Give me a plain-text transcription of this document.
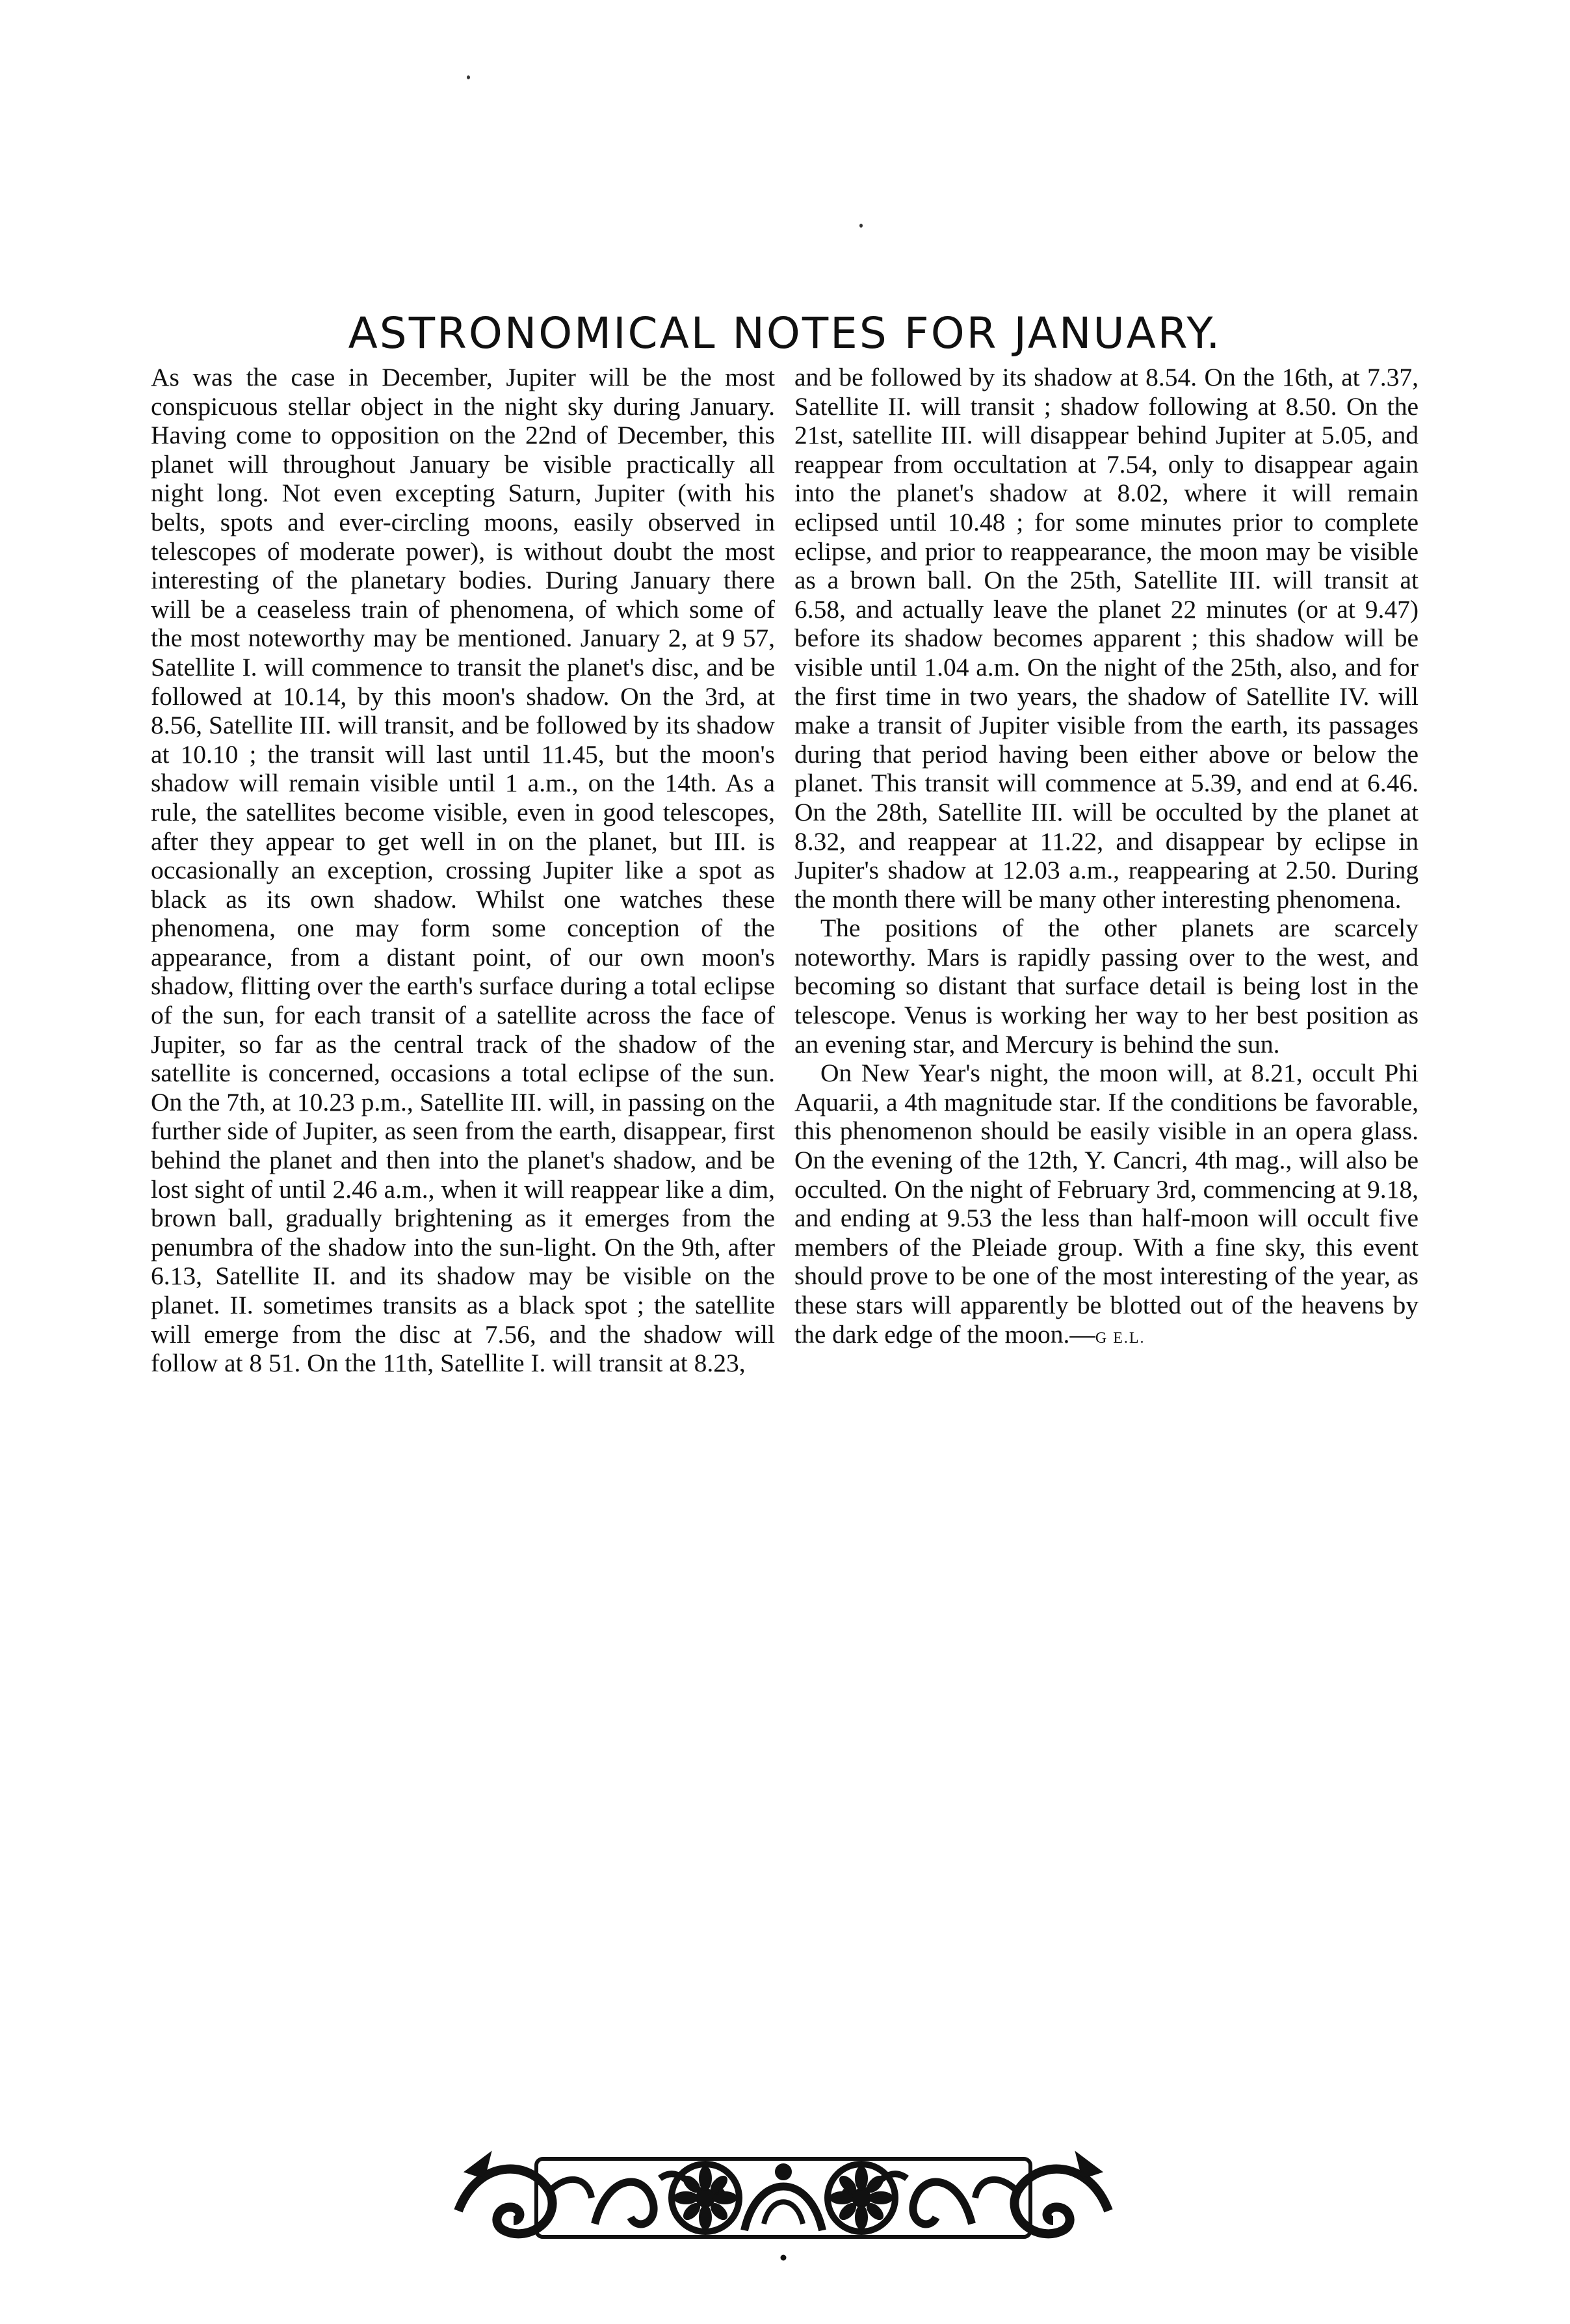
ASTRONOMICAL NOTES FOR JANUARY.

As was the case in December, Jupiter will be the most conspicuous stellar object in the night sky during January. Having come to opposition on the 22nd of December, this planet will throughout January be visible practically all night long. Not even excepting Saturn, Jupiter (with his belts, spots and ever-circling moons, easily observed in telescopes of moderate power), is without doubt the most interesting of the planetary bodies. During January there will be a ceaseless train of phenomena, of which some of the most noteworthy may be mentioned. January 2, at 9 57, Satellite I. will commence to transit the planet's disc, and be followed at 10.14, by this moon's shadow. On the 3rd, at 8.56, Satellite III. will transit, and be followed by its shadow at 10.10 ; the transit will last until 11.45, but the moon's shadow will remain visible until 1 a.m., on the 14th. As a rule, the satellites become visible, even in good telescopes, after they appear to get well in on the planet, but III. is occasionally an exception, crossing Jupiter like a spot as black as its own shadow. Whilst one watches these phenomena, one may form some conception of the appearance, from a distant point, of our own moon's shadow, flitting over the earth's surface during a total eclipse of the sun, for each transit of a satellite across the face of Jupiter, so far as the central track of the shadow of the satellite is concerned, occasions a total eclipse of the sun. On the 7th, at 10.23 p.m., Satellite III. will, in passing on the further side of Jupiter, as seen from the earth, disappear, first behind the planet and then into the planet's shadow, and be lost sight of until 2.46 a.m., when it will reappear like a dim, brown ball, gradually brightening as it emerges from the penumbra of the shadow into the sun-light. On the 9th, after 6.13, Satellite II. and its shadow may be visible on the planet. II. sometimes transits as a black spot ; the satellite will emerge from the disc at 7.56, and the shadow will follow at 8 51. On the 11th, Satellite I. will transit at 8.23,

and be followed by its shadow at 8.54. On the 16th, at 7.37, Satellite II. will transit ; shadow following at 8.50. On the 21st, satellite III. will disappear behind Jupiter at 5.05, and reappear from occultation at 7.54, only to disappear again into the planet's shadow at 8.02, where it will remain eclipsed until 10.48 ; for some minutes prior to complete eclipse, and prior to reappearance, the moon may be visible as a brown ball. On the 25th, Satellite III. will transit at 6.58, and actually leave the planet 22 minutes (or at 9.47) before its shadow becomes apparent ; this shadow will be visible until 1.04 a.m. On the night of the 25th, also, and for the first time in two years, the shadow of Satellite IV. will make a transit of Jupiter visible from the earth, its passages during that period having been either above or below the planet. This transit will commence at 5.39, and end at 6.46. On the 28th, Satellite III. will be occulted by the planet at 8.32, and reappear at 11.22, and disappear by eclipse in Jupiter's shadow at 12.03 a.m., reappearing at 2.50. During the month there will be many other interesting phenomena.

The positions of the other planets are scarcely noteworthy. Mars is rapidly passing over to the west, and becoming so distant that surface detail is being lost in the telescope. Venus is working her way to her best position as an evening star, and Mercury is behind the sun.

On New Year's night, the moon will, at 8.21, occult Phi Aquarii, a 4th magnitude star. If the conditions be favorable, this phenomenon should be easily visible in an opera glass. On the evening of the 12th, Y. Cancri, 4th mag., will also be occulted. On the night of February 3rd, commencing at 9.18, and ending at 9.53 the less than half-moon will occult five members of the Pleiade group. With a fine sky, this event should prove to be one of the most interesting of the year, as these stars will apparently be blotted out of the heavens by the dark edge of the moon.—G E.L.
